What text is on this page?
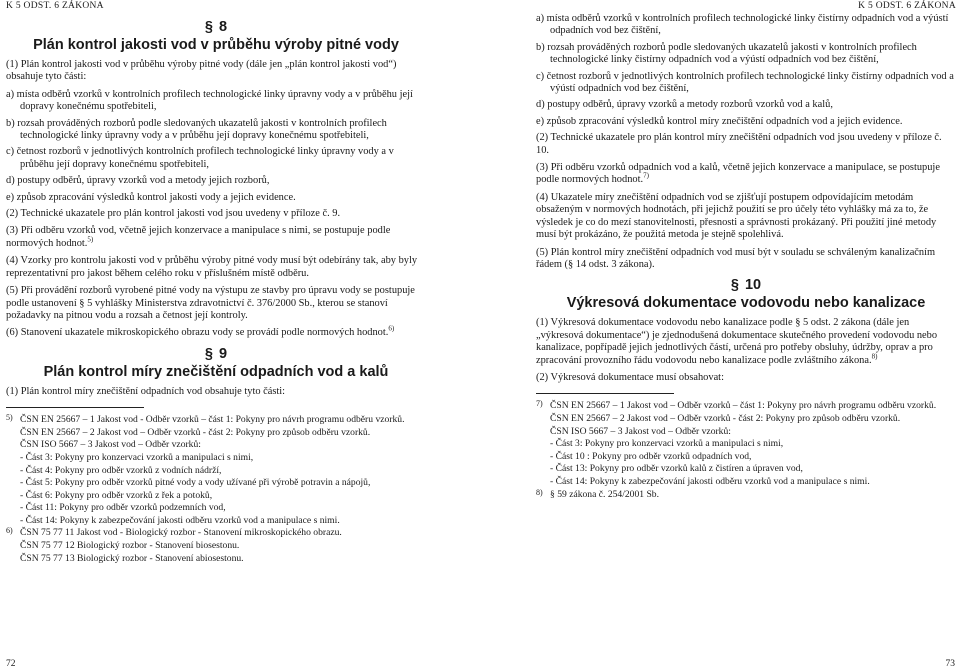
K 5 ODST. 6 ZÁKONA
§ 8
Plán kontrol jakosti vod v průběhu výroby pitné vody

(1) Plán kontrol jakosti vod v průběhu výroby pitné vody (dále jen „plán kontrol jakosti vod“) obsahuje tyto části:

a) místa odběrů vzorků v kontrolních profilech technologické linky úpravny vody a v průběhu její dopravy konečnému spotřebiteli,

b) rozsah prováděných rozborů podle sledovaných ukazatelů jakosti v kontrolních profilech technologické linky úpravny vody a v průběhu její dopravy konečnému spotřebiteli,

c) četnost rozborů v jednotlivých kontrolních profilech technologické linky úpravny vody a v průběhu její dopravy konečnému spotřebiteli,

d) postupy odběrů, úpravy vzorků vod a metody jejich rozborů,

e) způsob zpracování výsledků kontrol jakosti vody a jejich evidence.

(2) Technické ukazatele pro plán kontrol jakosti vod jsou uvedeny v příloze č. 9.

(3) Při odběru vzorků vod, včetně jejich konzervace a manipulace s nimi, se postupuje podle normových hodnot.$^{5)}$

(4) Vzorky pro kontrolu jakosti vod v průběhu výroby pitné vody musí být odebírány tak, aby byly reprezentativní pro jakost během celého roku v příslušném místě odběru.

(5) Při provádění rozborů vyrobené pitné vody na výstupu ze stavby pro úpravu vody se postupuje podle ustanovení § 5 vyhlášky Ministerstva zdravotnictví č. 376/2000 Sb., kterou se stanoví požadavky na pitnou vodu a rozsah a četnost její kontroly.

(6) Stanovení ukazatele mikroskopického obrazu vody se provádí podle normových hodnot.$^{6)}$

§ 9
Plán kontrol míry znečištění odpadních vod a kalů

(1) Plán kontrol míry znečištění odpadních vod obsahuje tyto části:

5) ČSN EN 25667 – 1 Jakost vod - Odběr vzorků – část 1: Pokyny pro návrh programu odběru vzorků.
ČSN EN 25667 – 2 Jakost vod – Odběr vzorků - část 2: Pokyny pro způsob odběru vzorků.
ČSN ISO 5667 – 3 Jakost vod – Odběr vzorků:
- Část 3: Pokyny pro konzervaci vzorků a manipulaci s nimi,
- Část 4: Pokyny pro odběr vzorků z vodních nádrží,
- Část 5: Pokyny pro odběr vzorků pitné vody a vody užívané při výrobě potravin a nápojů,
- Část 6: Pokyny pro odběr vzorků z řek a potoků,
- Část 11: Pokyny pro odběr vzorků podzemních vod,
- Část 14: Pokyny k zabezpečování jakosti odběru vzorků vod a manipulace s nimi.
6) ČSN 75 77 11 Jakost vod - Biologický rozbor - Stanovení mikroskopického obrazu.
ČSN 75 77 12 Biologický rozbor - Stanovení biosestonu.
ČSN 75 77 13 Biologický rozbor - Stanovení abiosestonu.
72
K 5 ODST. 6 ZÁKONA

a) místa odběrů vzorků v kontrolních profilech technologické linky čistírny odpadních vod a výústí odpadních vod bez čištění,

b) rozsah prováděných rozborů podle sledovaných ukazatelů jakosti v kontrolních profilech technologické linky čistírny odpadních vod a výústí odpadních vod bez čištění,

c) četnost rozborů v jednotlivých kontrolních profilech technologické linky čistírny odpadních vod a výústí odpadních vod bez čištění,

d) postupy odběrů, úpravy vzorků a metody rozborů vzorků vod a kalů,

e) způsob zpracování výsledků kontrol míry znečištění odpadních vod a jejich evidence.

(2) Technické ukazatele pro plán kontrol míry znečištění odpadních vod jsou uvedeny v příloze č. 10.

(3) Při odběru vzorků odpadních vod a kalů, včetně jejich konzervace a manipulace, se postupuje podle normových hodnot.$^{7)}$

(4) Ukazatele míry znečištění odpadních vod se zjišťují postupem odpovídajícím metodám obsaženým v normových hodnotách, při jejichž použití se pro účely této vyhlášky má za to, že výsledek je co do mezí stanovitelnosti, přesnosti a správnosti prokázaný. Při použití jiné metody musí být prokázáno, že použitá metoda je stejně spolehlivá.

(5) Plán kontrol míry znečištění odpadních vod musí být v souladu se schváleným kanalizačním řádem (§ 14 odst. 3 zákona).

§ 10
Výkresová dokumentace vodovodu nebo kanalizace

(1) Výkresová dokumentace vodovodu nebo kanalizace podle § 5 odst. 2 zákona (dále jen „výkresová dokumentace“) je zjednodušená dokumentace skutečného provedení vodovodu nebo kanalizace, popřípadě jejich jednotlivých částí, určená pro potřeby obsluhy, údržby, oprav a pro zpracování provozního řádu vodovodu nebo kanalizace podle zvláštního zákona.$^{8)}$

(2) Výkresová dokumentace musí obsahovat:

7) ČSN EN 25667 – 1 Jakost vod – Odběr vzorků – část 1: Pokyny pro návrh programu odběru vzorků.
ČSN EN 25667 – 2 Jakost vod – Odběr vzorků - část 2: Pokyny pro způsob odběru vzorků.
ČSN ISO 5667 – 3 Jakost vod – Odběr vzorků:
- Část 3: Pokyny pro konzervaci vzorků a manipulaci s nimi,
- Část 10 : Pokyny pro odběr vzorků odpadních vod,
- Část 13: Pokyny pro odběr vzorků kalů z čistíren a úpraven vod,
- Část 14: Pokyny k zabezpečování jakosti odběru vzorků vod a manipulace s nimi.
8) § 59 zákona č. 254/2001 Sb.
73
